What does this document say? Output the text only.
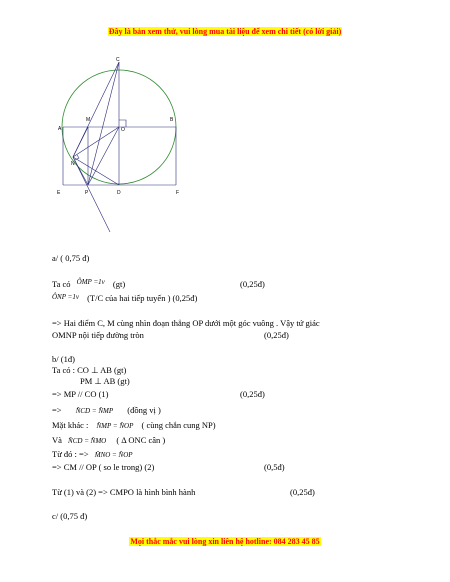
Đây là bản xem thử, vui lòng mua tài liệu để xem chi tiết (có lời giải)
C
A
M
O
B
N
E	P	D	F
a/ ( 0,75 đ)
Ta có $^{ÔMP =1v}$ (gt)	(0,25đ)
$^{ÔNP =1v}$ (T/C của hai tiếp tuyến ) (0,25đ)
=> Hai điểm C, M cùng nhìn đoạn thẳng OP dưới một góc vuông . Vậy tứ giác
OMNP nội tiếp đường tròn	(0,25đ)
b/ (1đ)
Ta có : CO ⊥ AB (gt)
PM ⊥ AB (gt)
=> MP // CO (1)	(0,25đ)
=> N̂CD = N̂MP (đồng vị )
Mặt khác : N̂MP = N̂OP ( cùng chắn cung NP)
Và N̂CD = N̂MO ( Δ ONC cân )
Từ đó : => M̂NO = N̂OP
=> CM // OP ( so le trong) (2)	(0,5đ)
Từ (1) và (2) => CMPO là hình bình hành	(0,25đ)
c/ (0,75 đ)
Mọi thắc mắc vui lòng xin liên hệ hotline: 084 283 45 85
